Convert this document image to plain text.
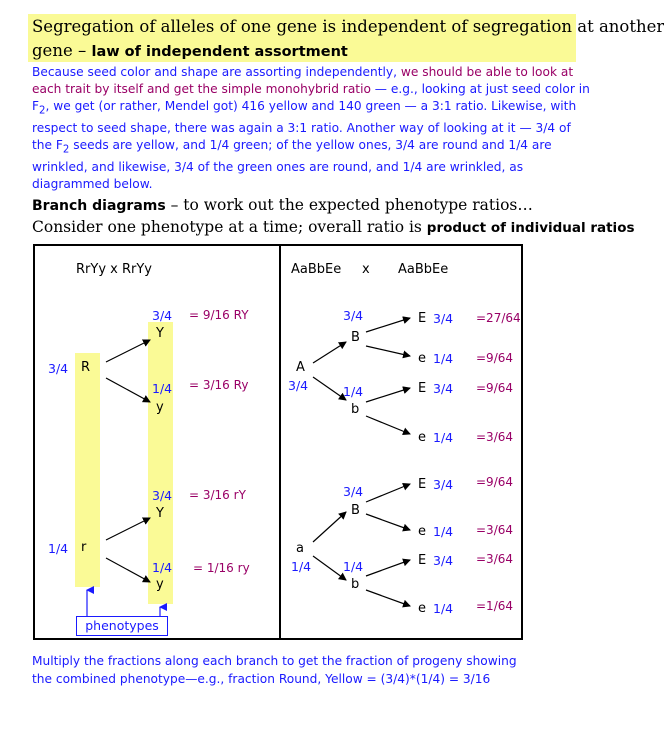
Segregation of alleles of one gene is independent of segregation at another
gene – law of independent assortment
Because seed color and shape are assorting independently, we should be able to look at each trait by itself and get the simple monohybrid ratio — e.g., looking at just seed color in $F_2$, we get (or rather, Mendel got) 416 yellow and 140 green — a 3:1 ratio. Likewise, with respect to seed shape, there was again a 3:1 ratio. Another way of looking at it — 3/4 of the $F_2$ seeds are yellow, and 1/4 green; of the yellow ones, 3/4 are round and 1/4 are wrinkled, and likewise, 3/4 of the green ones are round, and 1/4 are wrinkled, as diagrammed below.
Branch diagrams – to work out the expected phenotype ratios…
Consider one phenotype at a time; overall ratio is product of individual ratios
RrYy x RrYy
3/4 R
1/4 r
3/4
Y
= 9/16 RY
1/4
y
= 3/16 Ry
3/4
Y
= 3/16 rY
1/4
y
= 1/16 ry
phenotypes
AaBbEe x AaBbEe
A
3/4
a
1/4
3/4
B
1/4
b
3/4
B
1/4
b
E 3/4 =27/64
e 1/4 =9/64
E 3/4 =9/64
e 1/4 =3/64
E 3/4 =9/64
e 1/4 =3/64
E 3/4 =3/64
e 1/4 =1/64
Multiply the fractions along each branch to get the fraction of progeny showing
the combined phenotype—e.g., fraction Round, Yellow = (3/4)*(1/4) = 3/16
